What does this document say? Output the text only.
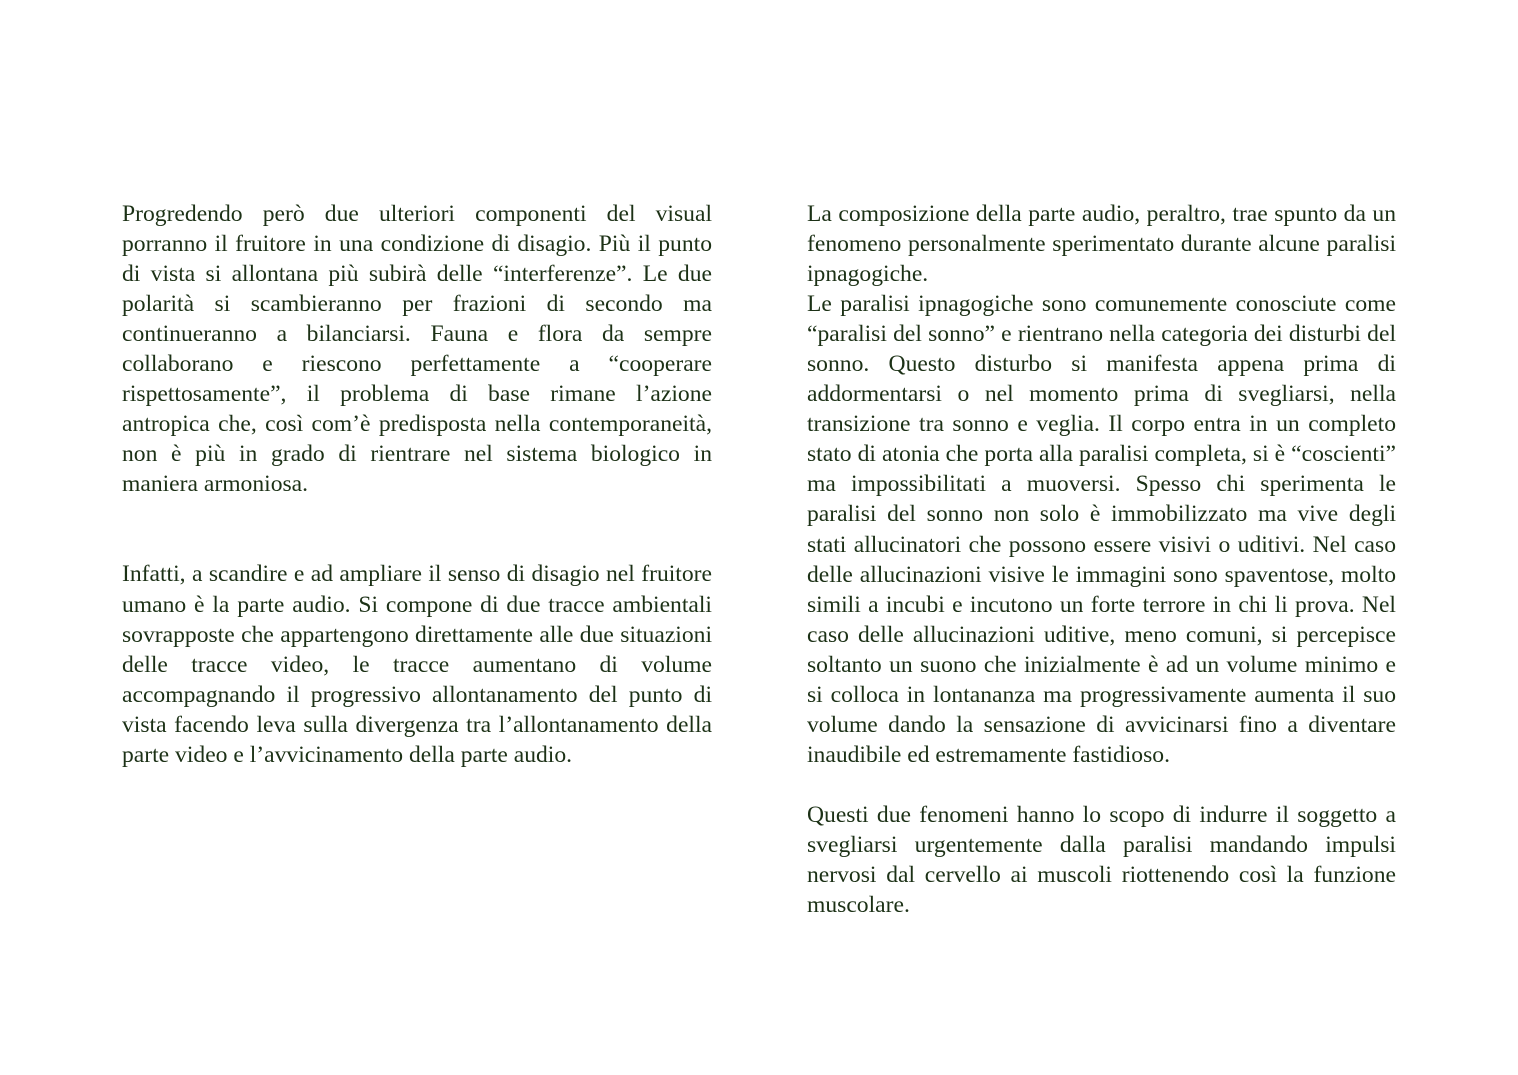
Progredendo però due ulteriori componenti del visual porranno il fruitore in una condizione di disagio. Più il punto di vista si allontana più subirà delle “interferenze”. Le due polarità si scambieranno per frazioni di secondo ma continueranno a bilanciarsi. Fauna e flora da sempre collaborano e riescono perfettamente a “cooperare rispettosamente”, il problema di base rimane l’azione antropica che, così com’è predisposta nella contemporaneità, non è più in grado di rientrare nel sistema biologico in maniera armoniosa.

Infatti, a scandire e ad ampliare il senso di disagio nel fruitore umano è la parte audio. Si compone di due tracce ambientali sovrapposte che appartengono direttamente alle due situazioni delle tracce video, le tracce aumentano di volume accompagnando il progressivo allontanamento del punto di vista facendo leva sulla divergenza tra l’allontanamento della parte video e l’avvicinamento della parte audio.

La composizione della parte audio, peraltro, trae spunto da un fenomeno personalmente sperimentato durante alcune paralisi ipnagogiche.

Le paralisi ipnagogiche sono comunemente conosciute come “paralisi del sonno” e rientrano nella categoria dei disturbi del sonno. Questo disturbo si manifesta appena prima di addormentarsi o nel momento prima di svegliarsi, nella transizione tra sonno e veglia. Il corpo entra in un completo stato di atonia che porta alla paralisi completa, si è “coscienti” ma impossibilitati a muoversi. Spesso chi sperimenta le paralisi del sonno non solo è immobilizzato ma vive degli stati allucinatori che possono essere visivi o uditivi. Nel caso delle allucinazioni visive le immagini sono spaventose, molto simili a incubi e incutono un forte terrore in chi li prova. Nel caso delle allucinazioni uditive, meno comuni, si percepisce soltanto un suono che inizialmente è ad un volume minimo e si colloca in lontananza ma progressivamente aumenta il suo volume dando la sensazione di avvicinarsi fino a diventare inaudibile ed estremamente fastidioso.

Questi due fenomeni hanno lo scopo di indurre il soggetto a svegliarsi urgentemente dalla paralisi mandando impulsi nervosi dal cervello ai muscoli riottenendo così la funzione muscolare.
